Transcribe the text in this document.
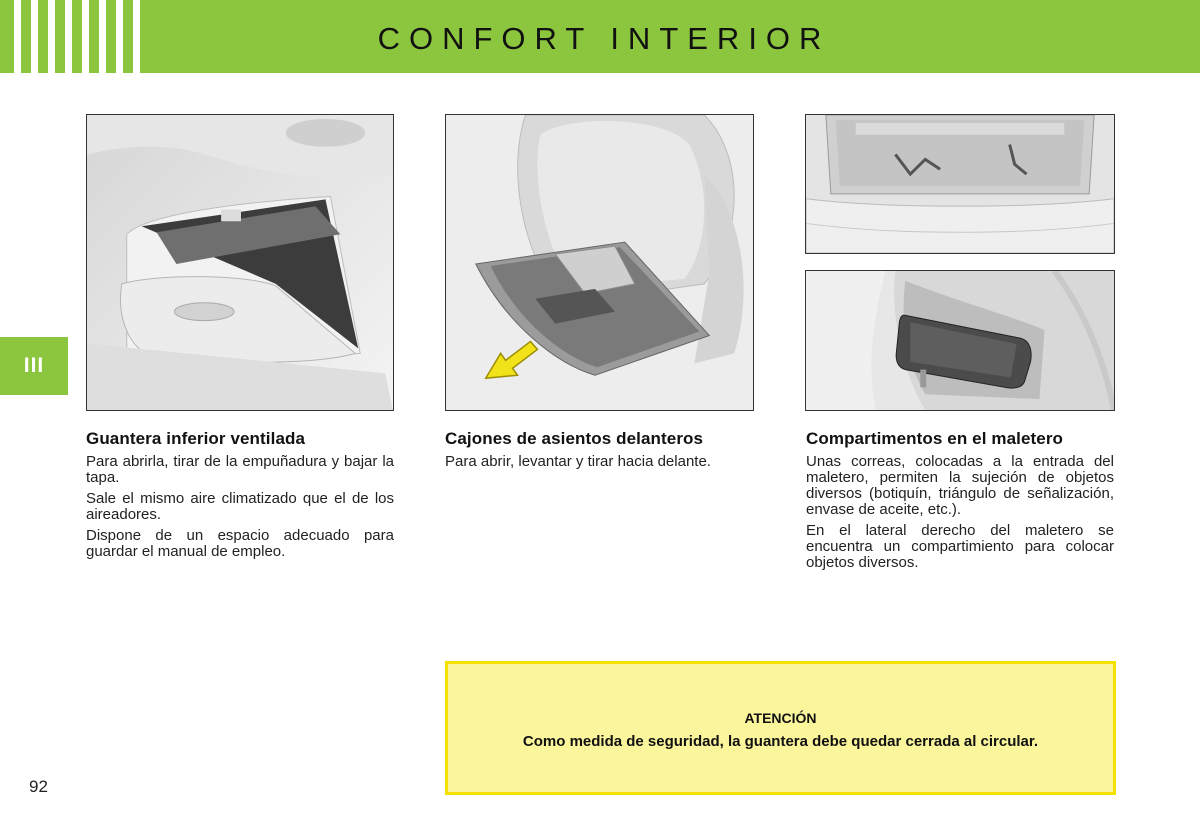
CONFORT INTERIOR
III
Guantera inferior ventilada

Para abrirla, tirar de la empuñadura y bajar la tapa.

Sale el mismo aire climatizado que el de los aireadores.

Dispone de un espacio adecuado para guardar el manual de empleo.

Cajones de asientos delanteros

Para abrir, levantar y tirar hacia delante.

Compartimentos en el maletero

Unas correas, colocadas a la entrada del maletero, permiten la sujeción de objetos diversos (botiquín, triángulo de señalización, envase de aceite, etc.).

En el lateral derecho del maletero se encuentra un compartimiento para colocar objetos diversos.

ATENCIÓN
Como medida de seguridad, la guantera debe quedar cerrada al circular.
92
